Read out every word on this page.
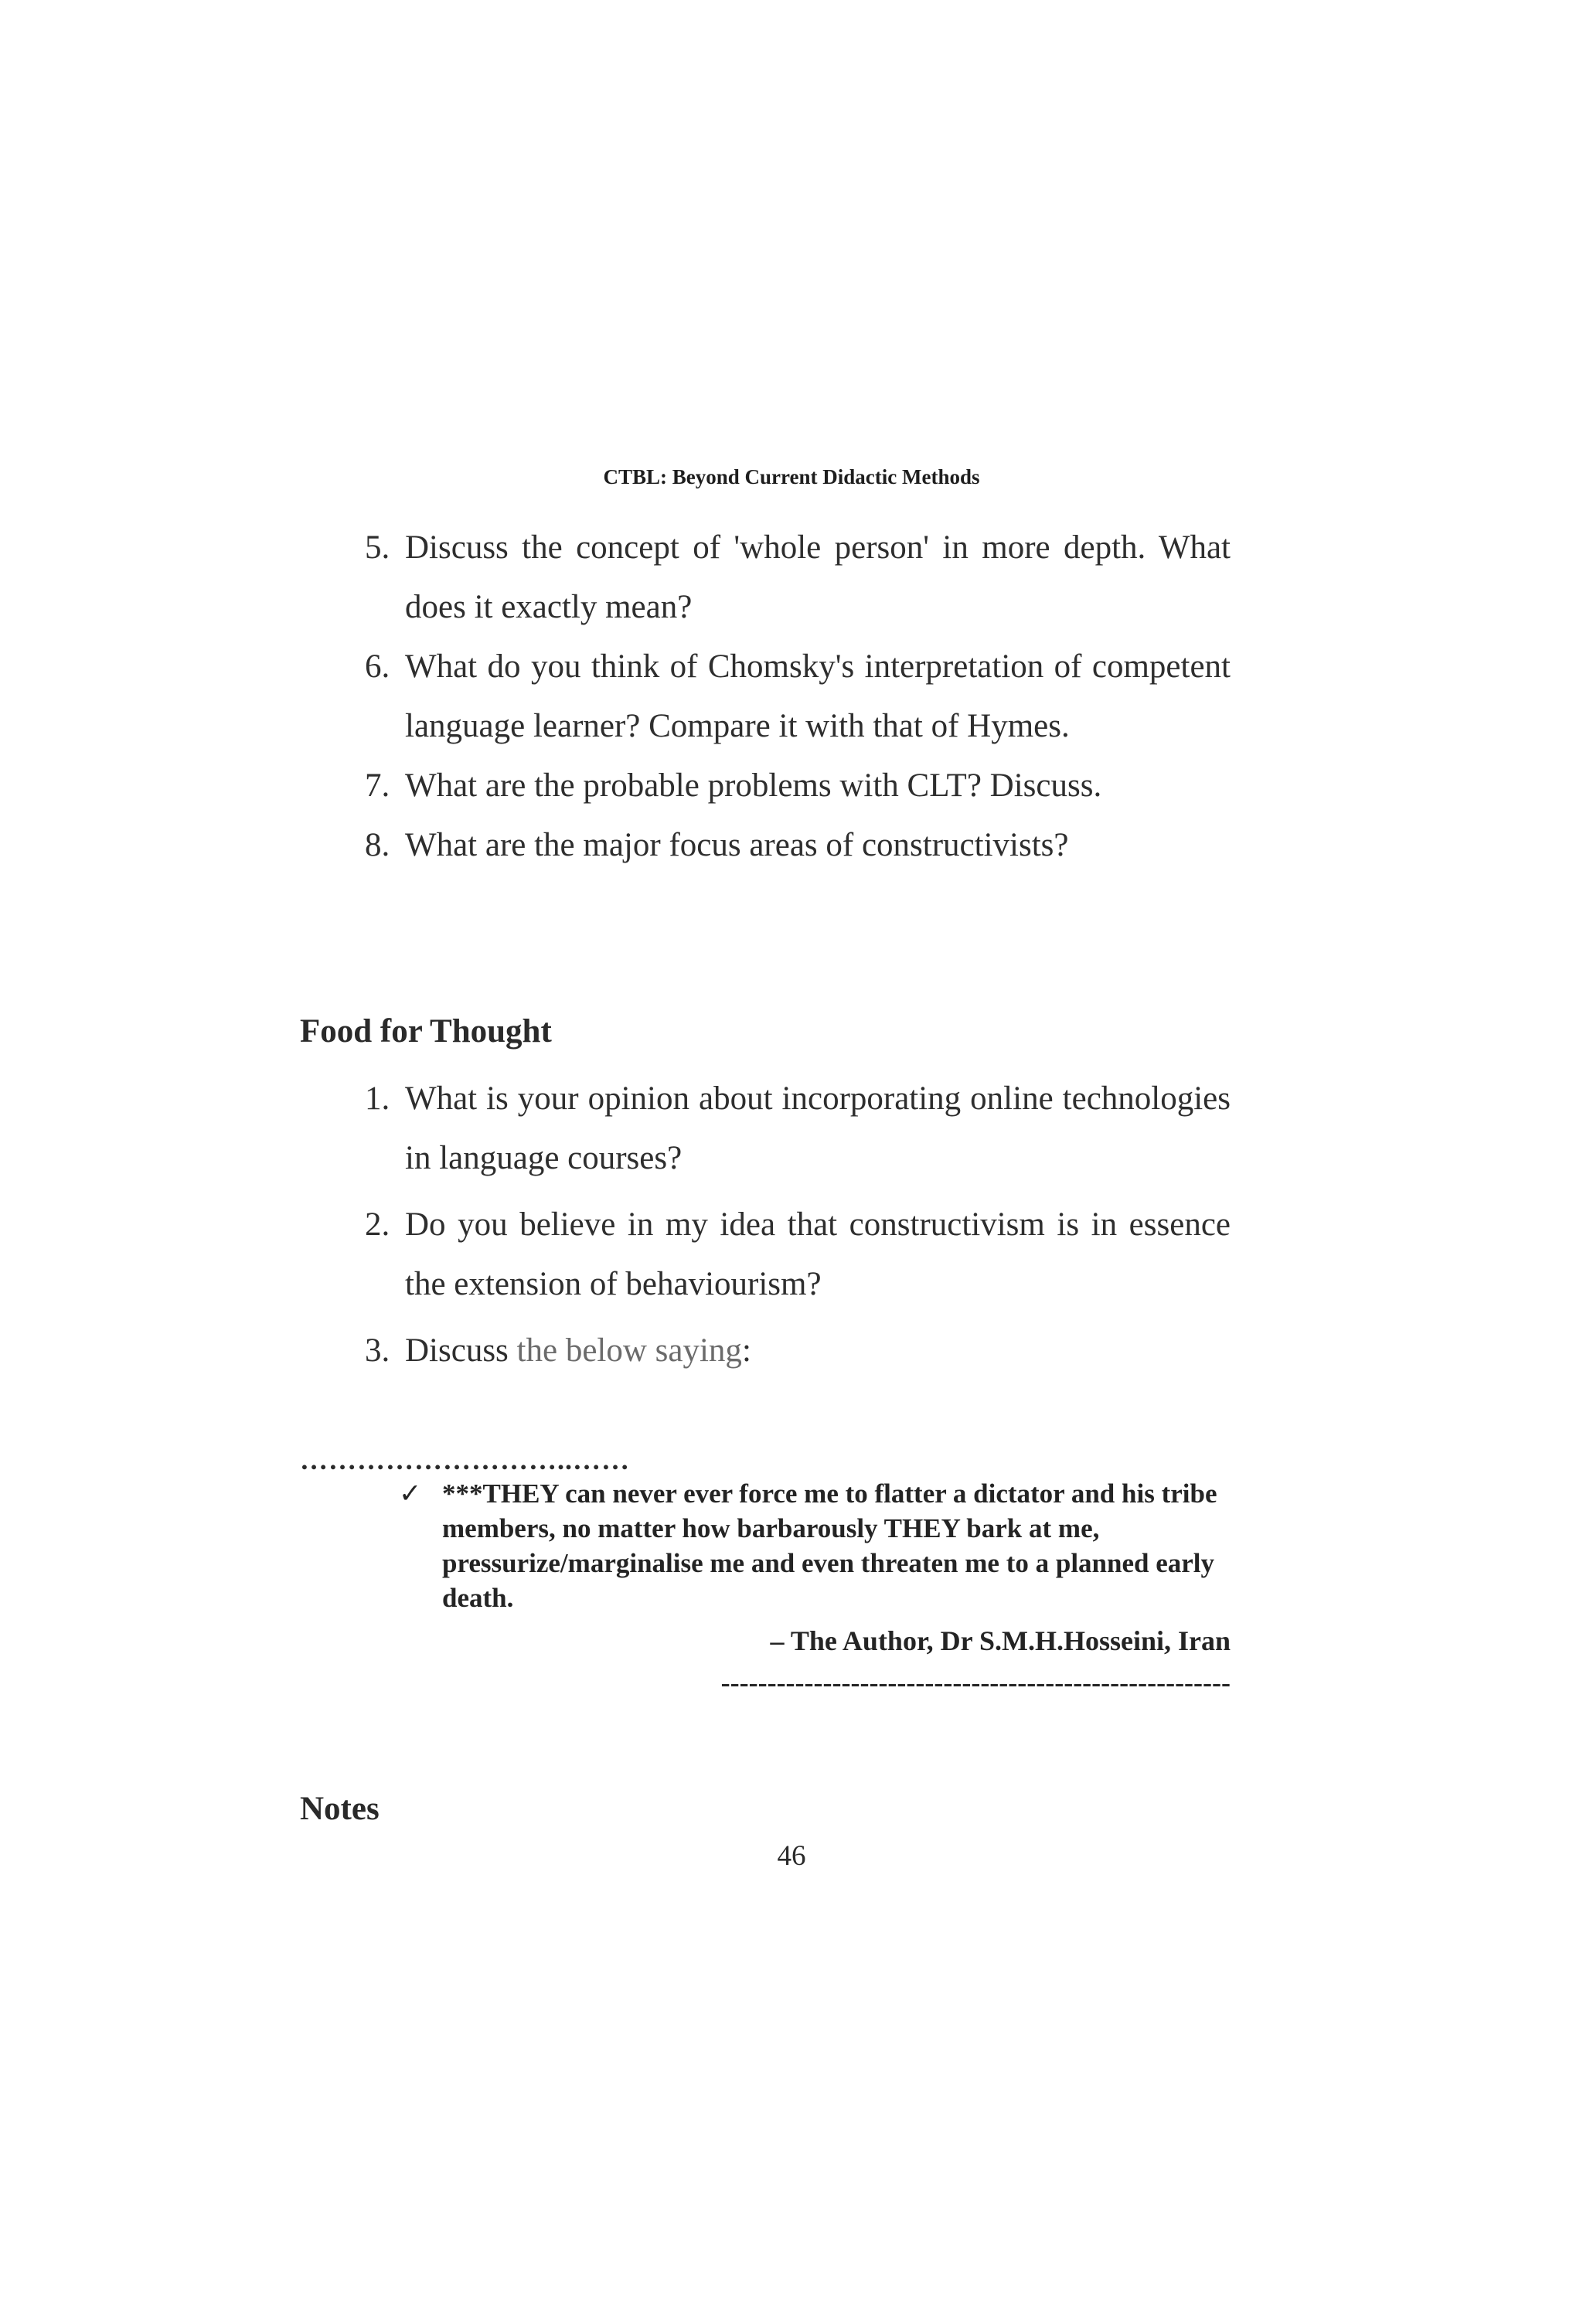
CTBL: Beyond Current Didactic Methods
5. Discuss the concept of 'whole person' in more depth. What does it exactly mean?
6. What do you think of Chomsky's interpretation of competent language learner? Compare it with that of Hymes.
7. What are the probable problems with CLT? Discuss.
8. What are the major focus areas of constructivists?
Food for Thought
1. What is your opinion about incorporating online technologies in language courses?
2. Do you believe in my idea that constructivism is in essence the extension of behaviourism?
3. Discuss the below saying:
………………………..……
✓ ***THEY can never ever force me to flatter a dictator and his tribe members, no matter how barbarously THEY bark at me, pressurize/marginalise me and even threaten me to a planned early death.
– The Author, Dr S.M.H.Hosseini, Iran
-------------------------------------------------------
Notes
46
